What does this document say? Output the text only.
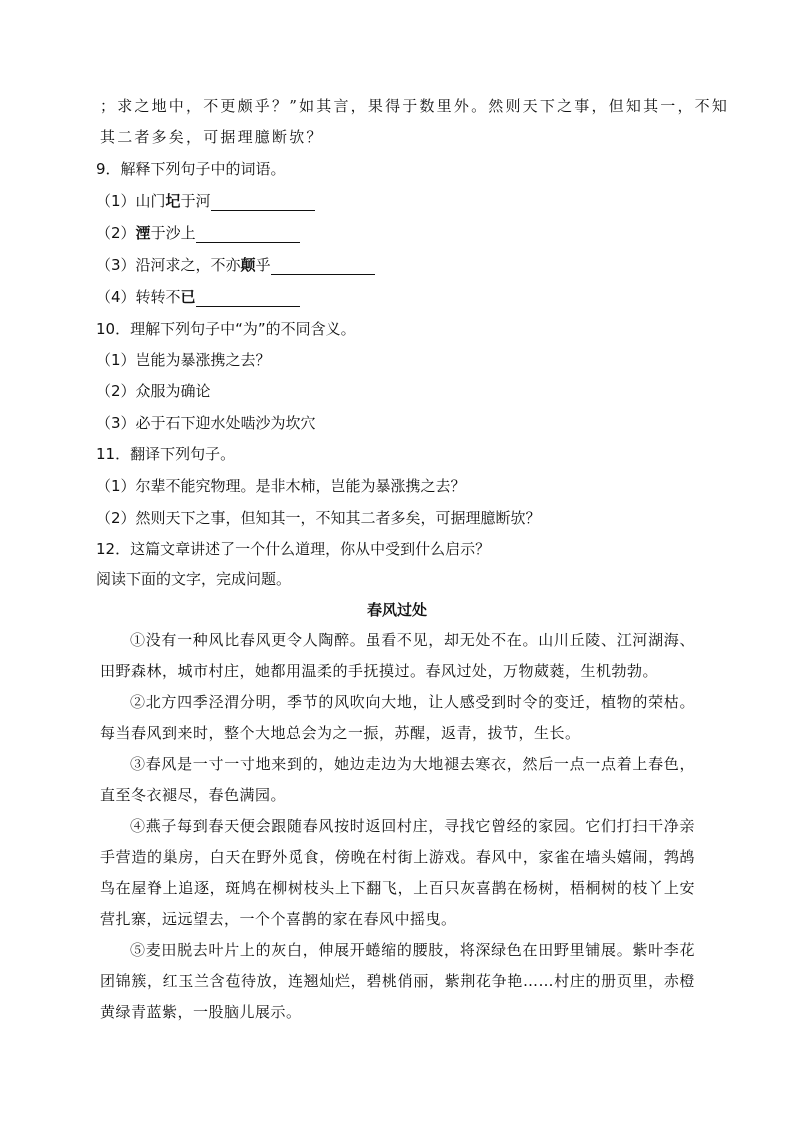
；求之地中，不更颇乎？”如其言，果得于数里外。然则天下之事，但知其一，不知
其二者多矣，可据理臆断欤？
9．解释下列句子中的词语。
（1）山门圮于河
（2）湮于沙上
（3）沿河求之，不亦颠乎
（4）转转不已
10．理解下列句子中“为”的不同含义。
（1）岂能为暴涨携之去？
（2）众服为确论
（3）必于石下迎水处啮沙为坎穴
11．翻译下列句子。
（1）尔辈不能究物理。是非木柿，岂能为暴涨携之去？
（2）然则天下之事，但知其一，不知其二者多矣，可据理臆断欤？
12．这篇文章讲述了一个什么道理，你从中受到什么启示？
阅读下面的文字，完成问题。
春风过处
①没有一种风比春风更令人陶醉。虽看不见，却无处不在。山川丘陵、江河湖海、田野森林，城市村庄，她都用温柔的手抚摸过。春风过处，万物葳蕤，生机勃勃。
②北方四季泾渭分明，季节的风吹向大地，让人感受到时令的变迁，植物的荣枯。每当春风到来时，整个大地总会为之一振，苏醒，返青，拔节，生长。
③春风是一寸一寸地来到的，她边走边为大地褪去寒衣，然后一点一点着上春色，直至冬衣褪尽，春色满园。
④燕子每到春天便会跟随春风按时返回村庄，寻找它曾经的家园。它们打扫干净亲手营造的巢房，白天在野外觅食，傍晚在村街上游戏。春风中，家雀在墙头嬉闹，鹁鸪鸟在屋脊上追逐，斑鸠在柳树枝头上下翻飞，上百只灰喜鹊在杨树，梧桐树的枝丫上安营扎寨，远远望去，一个个喜鹊的家在春风中摇曳。
⑤麦田脱去叶片上的灰白，伸展开蜷缩的腰肢，将深绿色在田野里铺展。紫叶李花团锦簇，红玉兰含苞待放，连翘灿烂，碧桃俏丽，紫荆花争艳……村庄的册页里，赤橙黄绿青蓝紫，一股脑儿展示。
